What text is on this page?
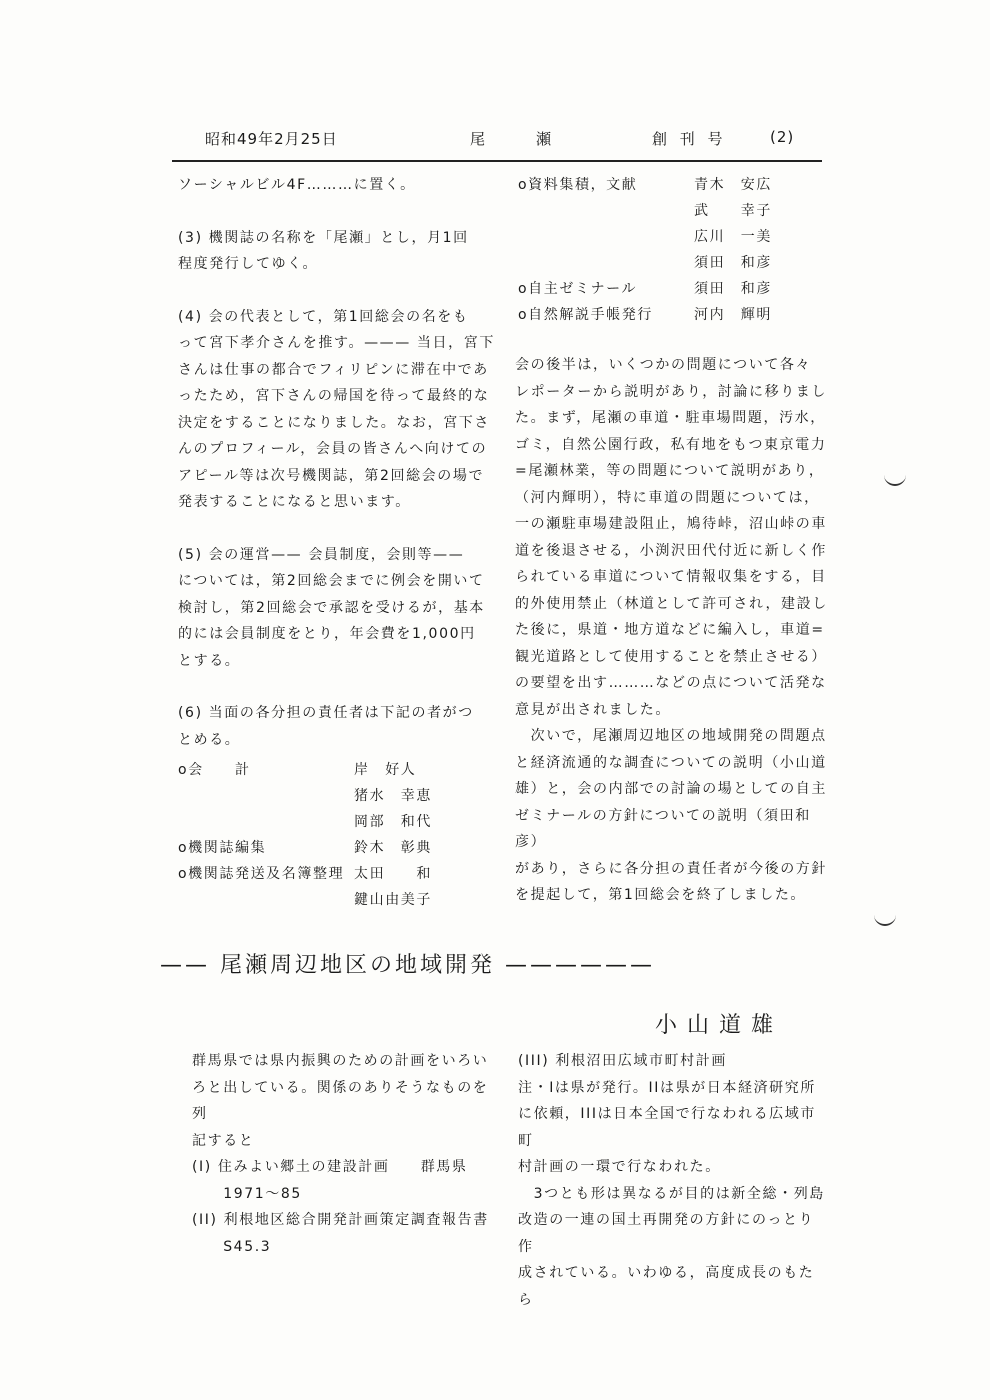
昭和49年2月25日	尾　瀬	創 刊 号	(2)

ソーシャルビル4F………に置く。

(3) 機関誌の名称を「尾瀬」とし，月1回

程度発行してゆく。

(4) 会の代表として，第1回総会の名をも

って宮下孝介さんを推す。——— 当日，宮下

さんは仕事の都合でフィリピンに滞在中であ

ったため，宮下さんの帰国を待って最終的な

決定をすることになりました。なお，宮下さ

んのプロフィール，会員の皆さんへ向けての

アピール等は次号機関誌，第2回総会の場で

発表することになると思います。

(5) 会の運営—— 会員制度，会則等——

については，第2回総会までに例会を開いて

検討し，第2回総会で承認を受けるが，基本

的には会員制度をとり，年会費を1,000円

とする。

(6) 当面の各分担の責任者は下記の者がつ

とめる。

o会　　計	岸　好人
猪水　幸恵
岡部　和代
o機関誌編集	鈴木　彰典
o機関誌発送及名簿整理 太田　　和
鍵山由美子
o資料集積，文献	青木　安広
武　　幸子
広川　一美
須田　和彦
o自主ゼミナール	須田　和彦
o自然解説手帳発行	河内　輝明

会の後半は，いくつかの問題について各々

レポーターから説明があり，討論に移りまし

た。まず，尾瀬の車道・駐車場問題，汚水，

ゴミ，自然公園行政，私有地をもつ東京電力

=尾瀬林業，等の問題について説明があり，

（河内輝明），特に車道の問題については，

一の瀬駐車場建設阻止，鳩待峠，沼山峠の車

道を後退させる，小渕沢田代付近に新しく作

られている車道について情報収集をする，目

的外使用禁止（林道として許可され，建設し

た後に，県道・地方道などに編入し，車道=

観光道路として使用することを禁止させる）

の要望を出す………などの点について活発な

意見が出されました。

　次いで，尾瀬周辺地区の地域開発の問題点

と経済流通的な調査についての説明（小山道

雄）と，会の内部での討論の場としての自主

ゼミナールの方針についての説明（須田和彦）

があり，さらに各分担の責任者が今後の方針

を提起して，第1回総会を終了しました。

—— 尾瀬周辺地区の地域開発 ——————
小山道雄

群馬県では県内振興のための計画をいろい

ろと出している。関係のありそうなものを列

記すると

(I) 住みよい郷土の建設計画　　群馬県

　　1971〜85

(II) 利根地区総合開発計画策定調査報告書

　　S45.3

(III) 利根沼田広域市町村計画

注・Iは県が発行。IIは県が日本経済研究所

に依頼，IIIは日本全国で行なわれる広域市町

村計画の一環で行なわれた。

　3つとも形は異なるが目的は新全総・列島

改造の一連の国土再開発の方針にのっとり作

成されている。いわゆる，高度成長のもたら
